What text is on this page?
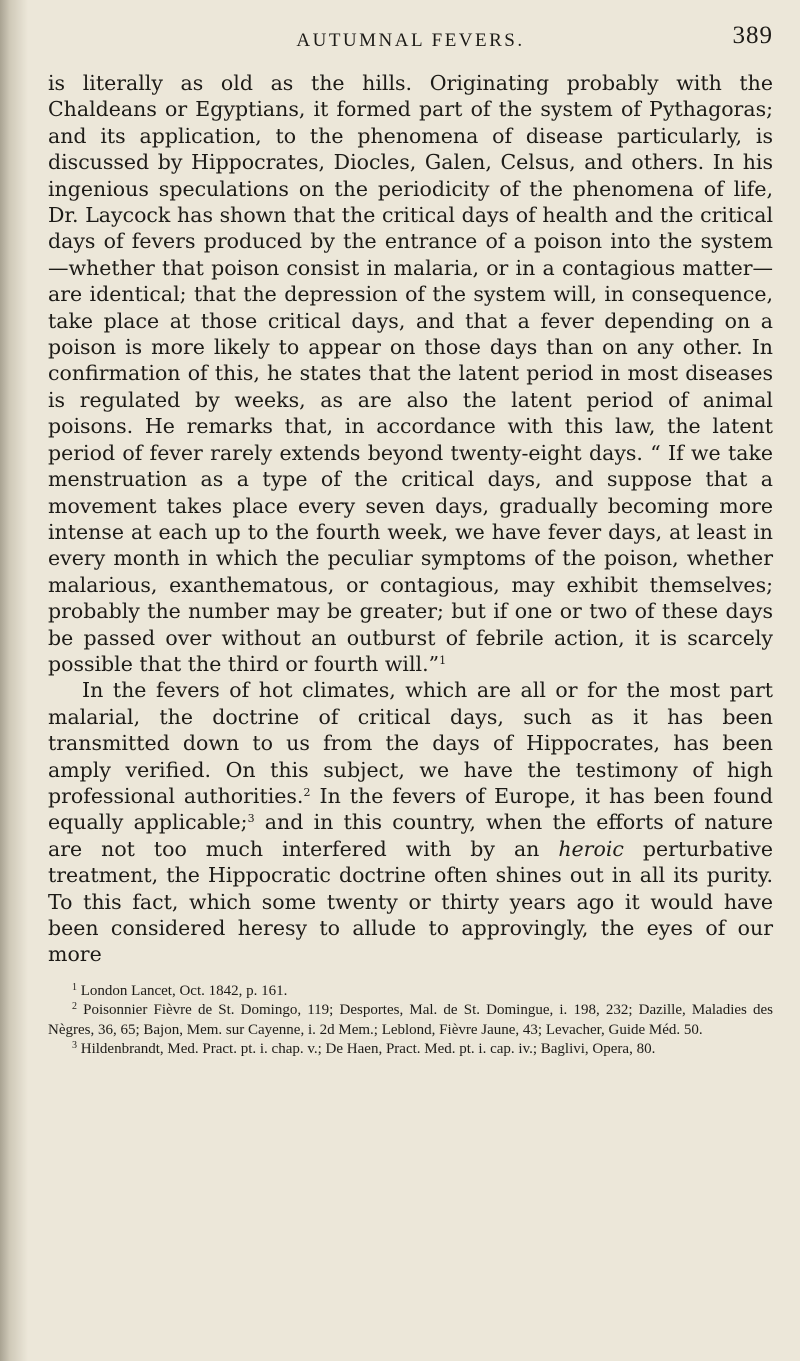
AUTUMNAL FEVERS.	389

is literally as old as the hills. Originating probably with the Chaldeans or Egyptians, it formed part of the system of Pythagoras; and its application, to the phenomena of disease particularly, is discussed by Hippocrates, Diocles, Galen, Celsus, and others. In his ingenious speculations on the periodicity of the phenomena of life, Dr. Laycock has shown that the critical days of health and the critical days of fevers produced by the entrance of a poison into the system—whether that poison consist in malaria, or in a contagious matter—are identical; that the depression of the system will, in consequence, take place at those critical days, and that a fever depending on a poison is more likely to appear on those days than on any other. In confirmation of this, he states that the latent period in most diseases is regulated by weeks, as are also the latent period of animal poisons. He remarks that, in accordance with this law, the latent period of fever rarely extends beyond twenty-eight days. “ If we take menstruation as a type of the critical days, and suppose that a movement takes place every seven days, gradually becoming more intense at each up to the fourth week, we have fever days, at least in every month in which the peculiar symptoms of the poison, whether malarious, exanthematous, or contagious, may exhibit themselves; probably the number may be greater; but if one or two of these days be passed over without an outburst of febrile action, it is scarcely possible that the third or fourth will.”$^1$

In the fevers of hot climates, which are all or for the most part malarial, the doctrine of critical days, such as it has been transmitted down to us from the days of Hippocrates, has been amply verified. On this subject, we have the testimony of high professional authorities.$^2$ In the fevers of Europe, it has been found equally applicable;$^3$ and in this country, when the efforts of nature are not too much interfered with by an heroic perturbative treatment, the Hippocratic doctrine often shines out in all its purity. To this fact, which some twenty or thirty years ago it would have been considered heresy to allude to approvingly, the eyes of our more

$^1$ London Lancet, Oct. 1842, p. 161.

$^2$ Poisonnier Fièvre de St. Domingo, 119; Desportes, Mal. de St. Domingue, i. 198, 232; Dazille, Maladies des Nègres, 36, 65; Bajon, Mem. sur Cayenne, i. 2d Mem.; Leblond, Fièvre Jaune, 43; Levacher, Guide Méd. 50.

$^3$ Hildenbrandt, Med. Pract. pt. i. chap. v.; De Haen, Pract. Med. pt. i. cap. iv.; Baglivi, Opera, 80.
